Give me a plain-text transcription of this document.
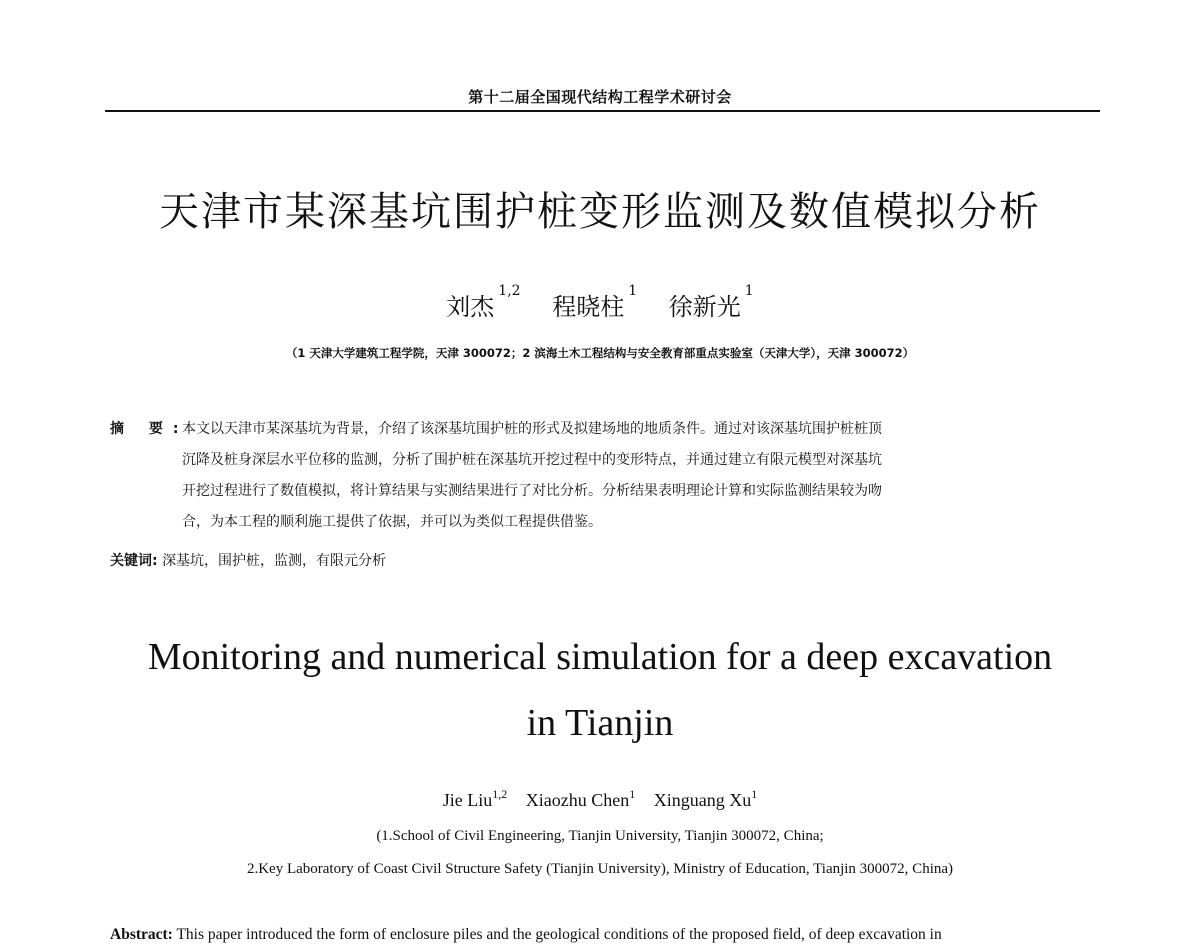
第十二届全国现代结构工程学术研讨会
天津市某深基坑围护桩变形监测及数值模拟分析
刘杰$^{1,2}$ 程晓柱$^1$ 徐新光$^1$
（1 天津大学建筑工程学院，天津 300072；2 滨海土木工程结构与安全教育部重点实验室（天津大学），天津 300072）
摘 要:
本文以天津市某深基坑为背景，介绍了该深基坑围护桩的形式及拟建场地的地质条件。通过对该深基坑围护桩桩顶
沉降及桩身深层水平位移的监测，分析了围护桩在深基坑开挖过程中的变形特点，并通过建立有限元模型对深基坑
开挖过程进行了数值模拟，将计算结果与实测结果进行了对比分析。分析结果表明理论计算和实际监测结果较为吻
合，为本工程的顺利施工提供了依据，并可以为类似工程提供借鉴。
关键词: 深基坑，围护桩，监测，有限元分析
Monitoring and numerical simulation for a deep excavation
in Tianjin
Jie Liu$^{1,2}$ Xiaozhu Chen$^1$ Xinguang Xu$^1$
(1.School of Civil Engineering, Tianjin University, Tianjin 300072, China;
2.Key Laboratory of Coast Civil Structure Safety (Tianjin University), Ministry of Education, Tianjin 300072, China)
Abstract: This paper introduced the form of enclosure piles and the geological conditions of the proposed field, of deep excavation in
